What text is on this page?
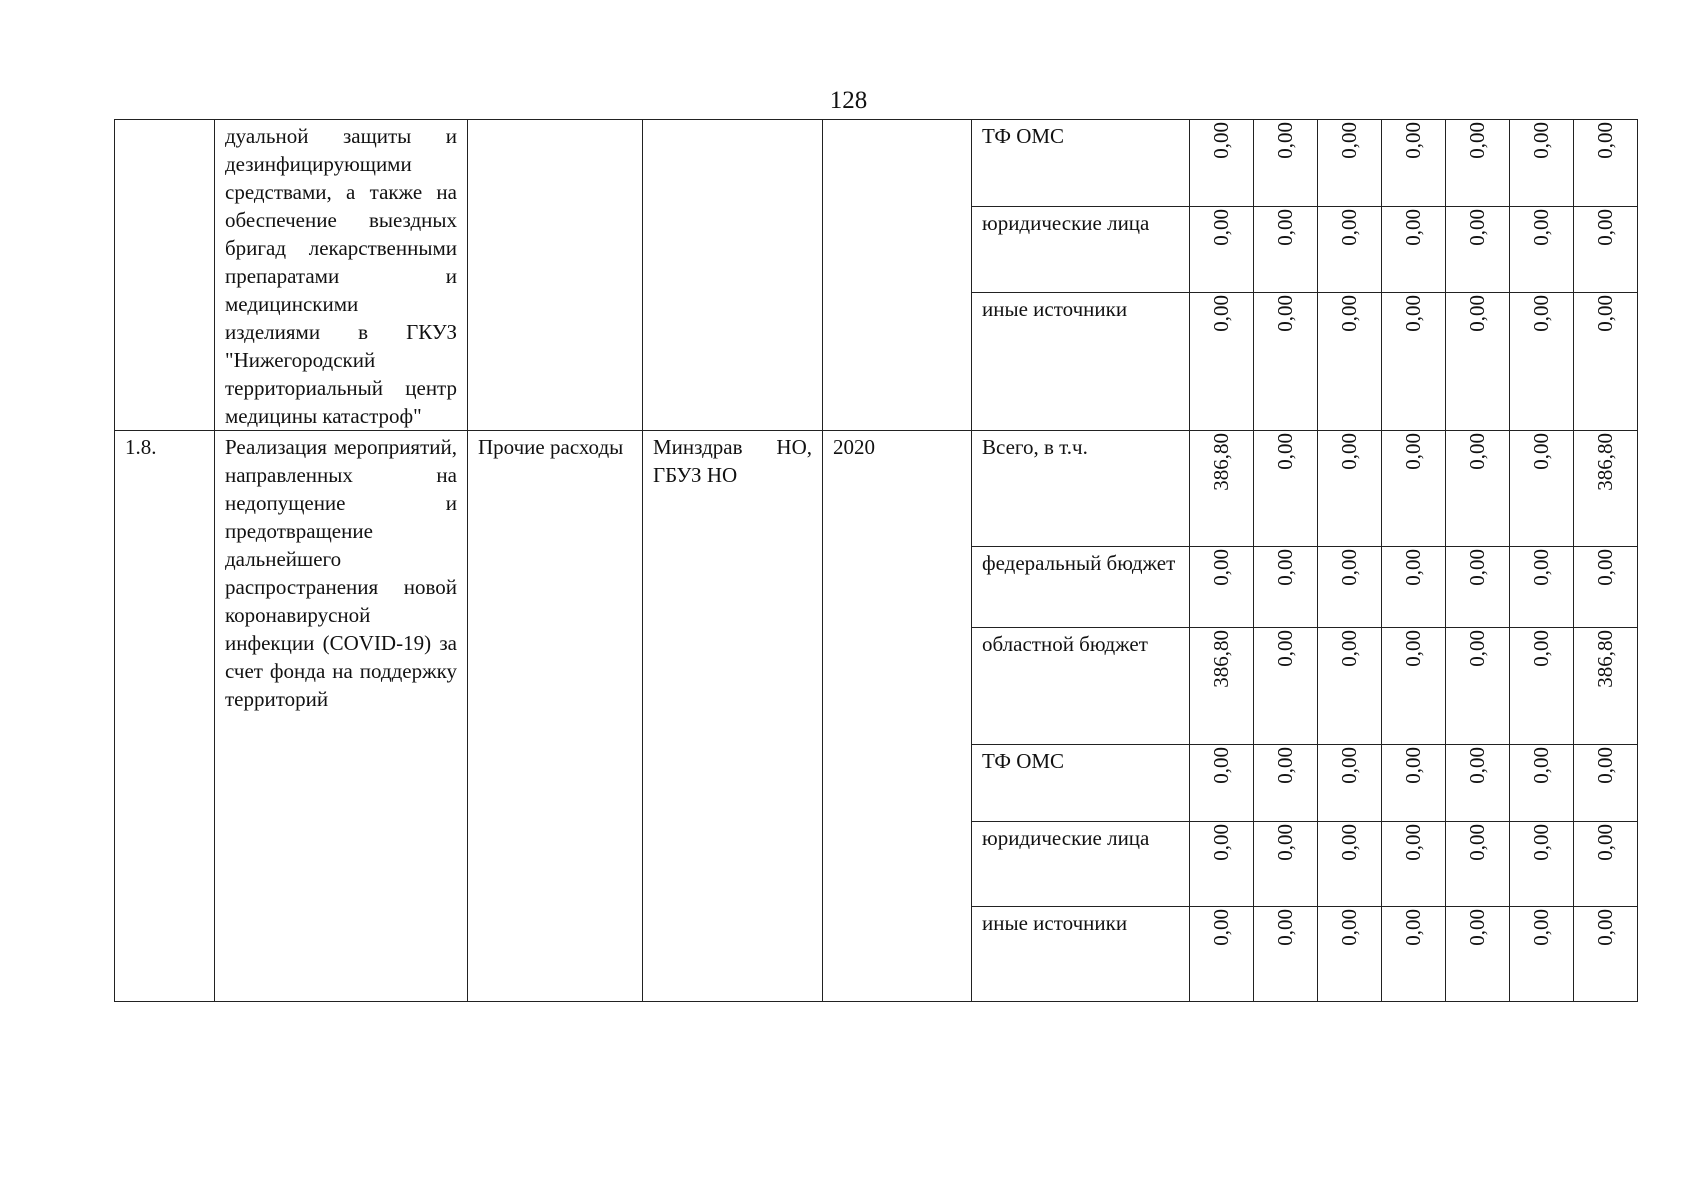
128
	дуальной защиты и дезинфицирующими средствами, а также на обеспечение выездных бригад лекарственными препаратами и медицинскими изделиями в ГКУЗ "Нижегородский территориальный центр медицины катастроф"				ТФ ОМС	0,00	0,00	0,00	0,00	0,00	0,00	0,00
					юридические лица	0,00	0,00	0,00	0,00	0,00	0,00	0,00
					иные источники	0,00	0,00	0,00	0,00	0,00	0,00	0,00
1.8.	Реализация мероприятий, направленных на недопущение и предотвращение дальнейшего распространения новой коронавирусной инфекции (COVID-19) за счет фонда на поддержку территорий	Прочие расходы	Минздрав НО, ГБУЗ НО	2020	Всего, в т.ч.	386,80	0,00	0,00	0,00	0,00	0,00	386,80
					федеральный бюджет	0,00	0,00	0,00	0,00	0,00	0,00	0,00
					областной бюджет	386,80	0,00	0,00	0,00	0,00	0,00	386,80
					ТФ ОМС	0,00	0,00	0,00	0,00	0,00	0,00	0,00
					юридические лица	0,00	0,00	0,00	0,00	0,00	0,00	0,00
					иные источники	0,00	0,00	0,00	0,00	0,00	0,00	0,00
